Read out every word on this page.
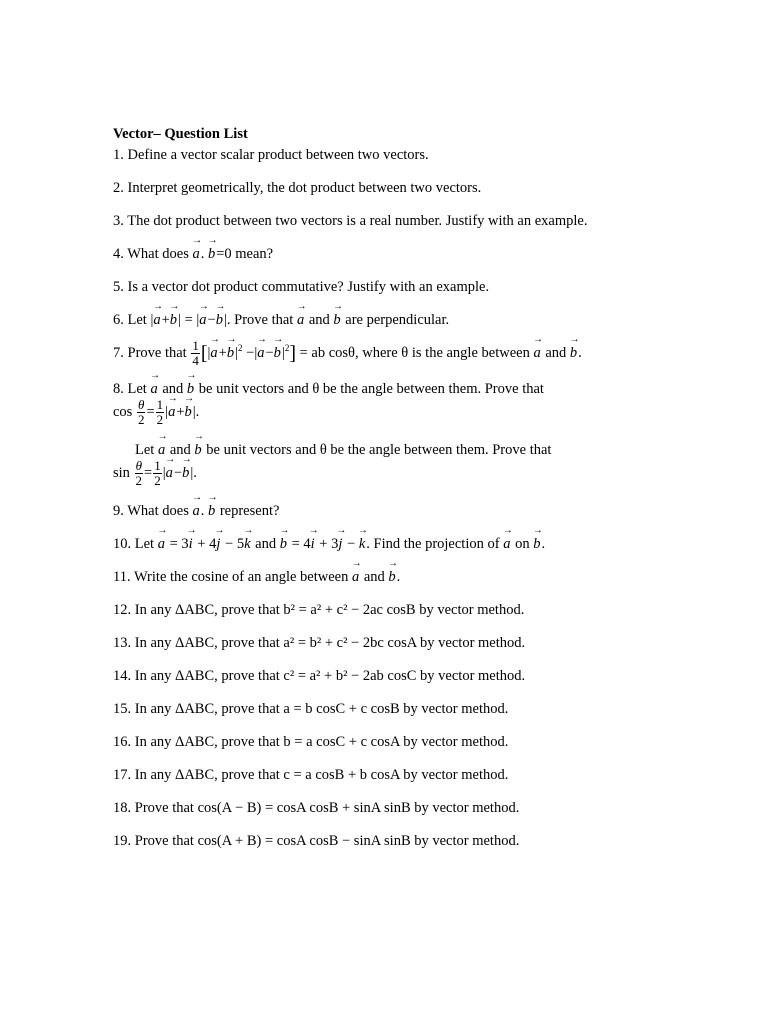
Vector– Question List

1. Define a vector scalar product between two vectors.

2. Interpret geometrically, the dot product between two vectors.

3. The dot product between two vectors is a real number. Justify with an example.

4. What does → a. → b=0 mean?

5. Is a vector dot product commutative? Justify with an example.

6. Let |→ a+→ b| = |→ a−→ b|. Prove that → a and → b are perpendicular.

7. Prove that $\frac{1}{4}$ [|→ $a+\to b|^2$ −|→ $a-\to b|^2$] = ab cosθ, where θ is the angle between → a and → b.

8. Let → a and → b be unit vectors and θ be the angle between them. Prove that

$\cos \frac{\theta}{2} = \frac{1}{2}$ |→ a+→ b|.

Let → a and → b be unit vectors and θ be the angle between them. Prove that

$\sin \frac{\theta}{2} = \frac{1}{2}$ |→ a−→ b|.

9. What does → a. → b represent?

10. Let → a = 3→ i + 4→ j − 5→ k and → b = 4→ i + 3→ j − → k. Find the projection of → a on → b.

11. Write the cosine of an angle between → a and → b.

12. In any ΔABC, prove that b² = a² + c² − 2ac cosB by vector method.

13. In any ΔABC, prove that a² = b² + c² − 2bc cosA by vector method.

14. In any ΔABC, prove that c² = a² + b² − 2ab cosC by vector method.

15. In any ΔABC, prove that a = b cosC + c cosB by vector method.

16. In any ΔABC, prove that b = a cosC + c cosA by vector method.

17. In any ΔABC, prove that c = a cosB + b cosA by vector method.

18. Prove that cos(A − B) = cosA cosB + sinA sinB by vector method.

19. Prove that cos(A + B) = cosA cosB − sinA sinB by vector method.
